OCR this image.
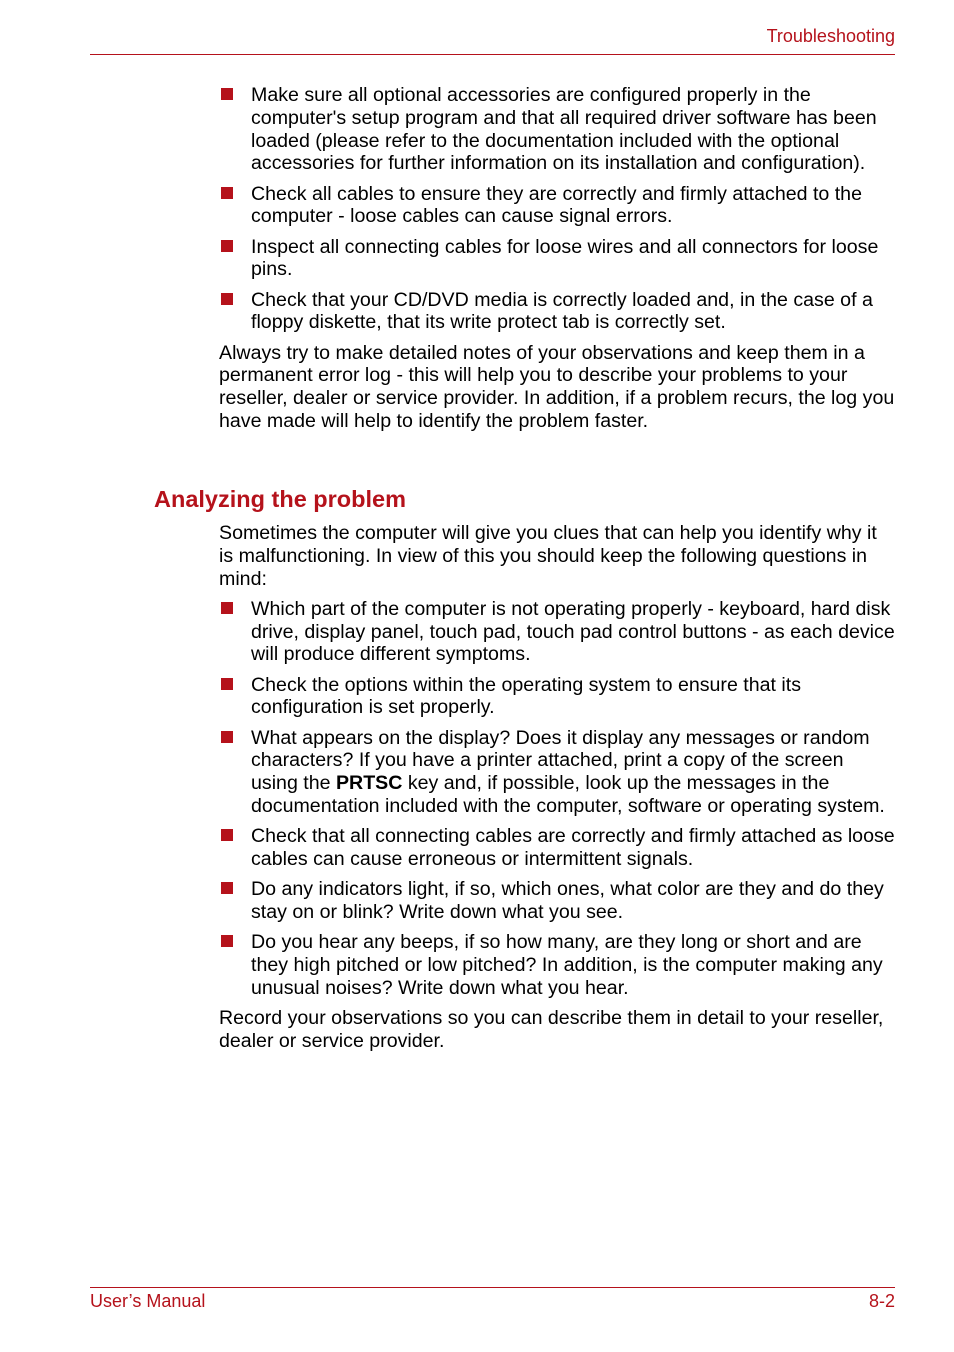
Troubleshooting
Make sure all optional accessories are configured properly in the computer's setup program and that all required driver software has been loaded (please refer to the documentation included with the optional accessories for further information on its installation and configuration).
Check all cables to ensure they are correctly and firmly attached to the computer - loose cables can cause signal errors.
Inspect all connecting cables for loose wires and all connectors for loose pins.
Check that your CD/DVD media is correctly loaded and, in the case of a floppy diskette, that its write protect tab is correctly set.

Always try to make detailed notes of your observations and keep them in a permanent error log - this will help you to describe your problems to your reseller, dealer or service provider. In addition, if a problem recurs, the log you have made will help to identify the problem faster.

Analyzing the problem

Sometimes the computer will give you clues that can help you identify why it is malfunctioning. In view of this you should keep the following questions in mind:

Which part of the computer is not operating properly - keyboard, hard disk drive, display panel, touch pad, touch pad control buttons - as each device will produce different symptoms.
Check the options within the operating system to ensure that its configuration is set properly.
What appears on the display? Does it display any messages or random characters? If you have a printer attached, print a copy of the screen using the PRTSC key and, if possible, look up the messages in the documentation included with the computer, software or operating system.
Check that all connecting cables are correctly and firmly attached as loose cables can cause erroneous or intermittent signals.
Do any indicators light, if so, which ones, what color are they and do they stay on or blink? Write down what you see.
Do you hear any beeps, if so how many, are they long or short and are they high pitched or low pitched? In addition, is the computer making any unusual noises? Write down what you hear.

Record your observations so you can describe them in detail to your reseller, dealer or service provider.

User’s Manual	8-2
